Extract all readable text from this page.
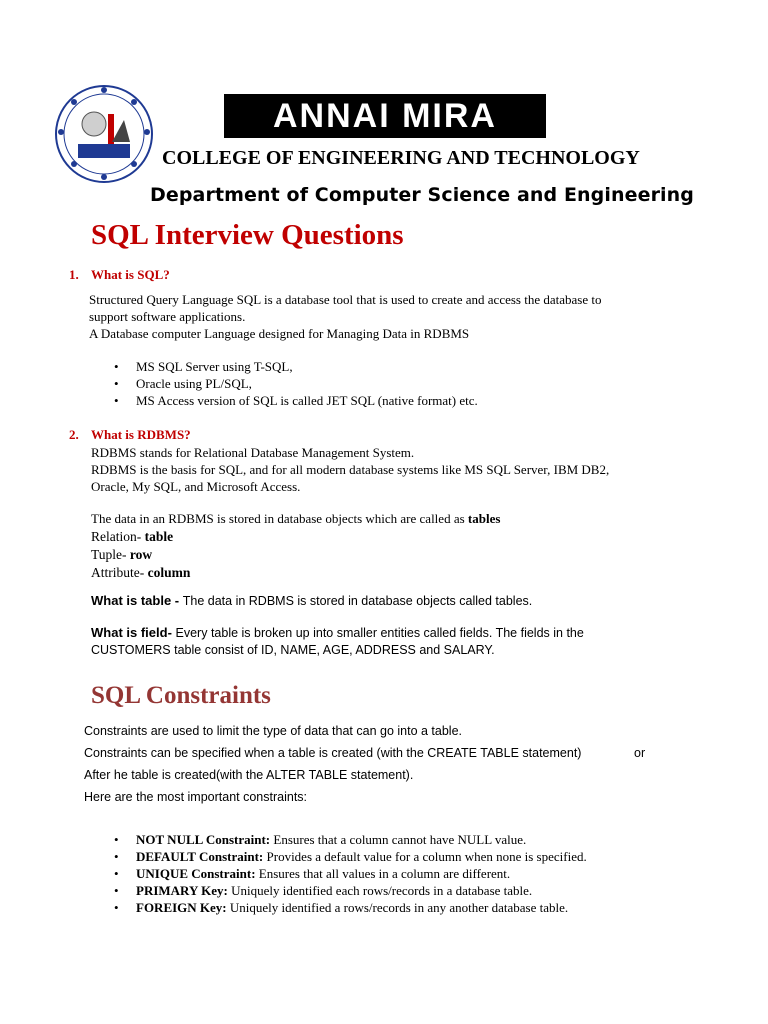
ANNAI MIRA
COLLEGE OF ENGINEERING AND TECHNOLOGY
Department of Computer Science and Engineering
SQL Interview Questions
1. What is SQL?
Structured Query Language SQL is a database tool that is used to create and access the database to
support software applications.
A Database computer Language designed for Managing Data in RDBMS
• MS SQL Server using T-SQL,
• Oracle using PL/SQL,
• MS Access version of SQL is called JET SQL (native format) etc.
2. What is RDBMS?
RDBMS stands for Relational Database Management System.
RDBMS is the basis for SQL, and for all modern database systems like MS SQL Server, IBM DB2,
Oracle, My SQL, and Microsoft Access.
The data in an RDBMS is stored in database objects which are called as tables
Relation- table
Tuple- row
Attribute- column
What is table - The data in RDBMS is stored in database objects called tables.
What is field- Every table is broken up into smaller entities called fields. The fields in the
CUSTOMERS table consist of ID, NAME, AGE, ADDRESS and SALARY.
SQL Constraints
Constraints are used to limit the type of data that can go into a table.
Constraints can be specified when a table is created (with the CREATE TABLE statement)	or
After he table is created(with the ALTER TABLE statement).
Here are the most important constraints:
• NOT NULL Constraint: Ensures that a column cannot have NULL value.
• DEFAULT Constraint: Provides a default value for a column when none is specified.
• UNIQUE Constraint: Ensures that all values in a column are different.
• PRIMARY Key: Uniquely identified each rows/records in a database table.
• FOREIGN Key: Uniquely identified a rows/records in any another database table.
